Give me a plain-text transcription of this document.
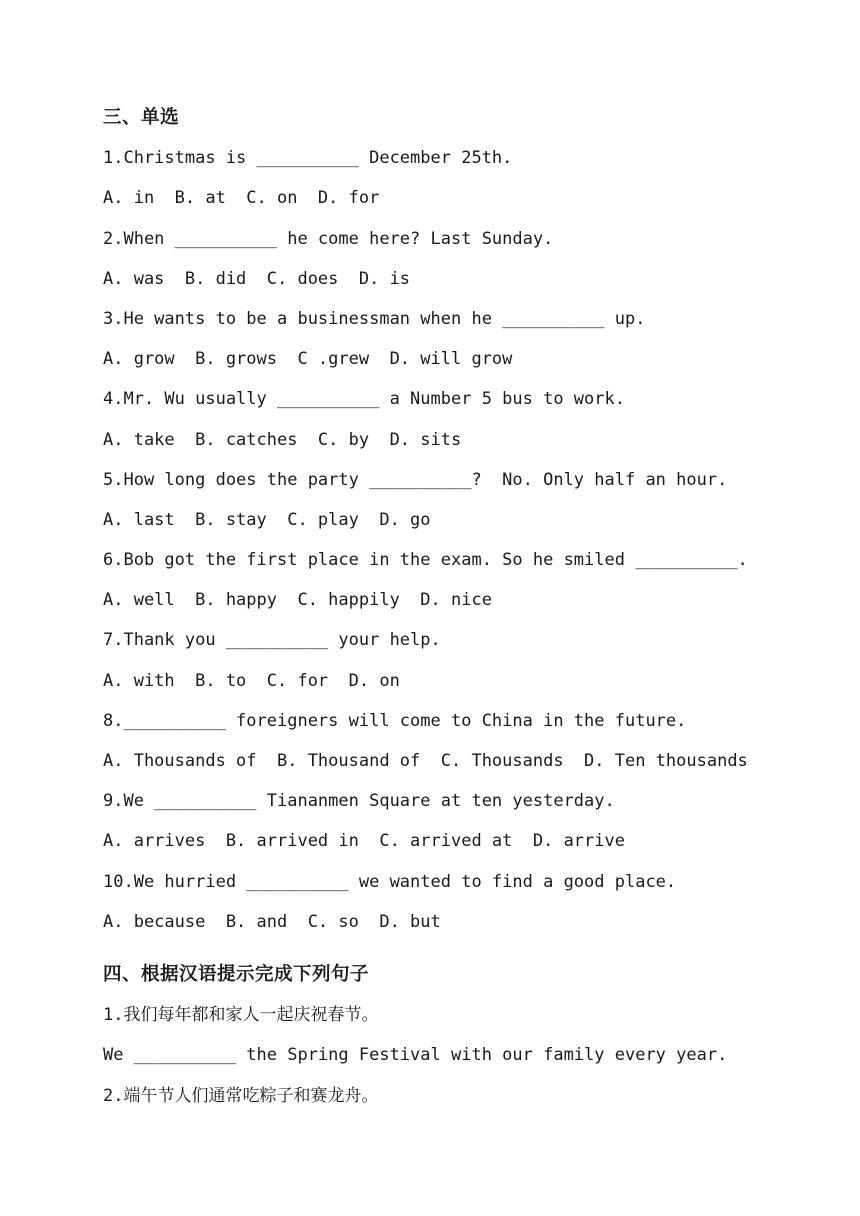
三、单选
1.Christmas is __________ December 25th.
A. in  B. at  C. on  D. for
2.When __________ he come here? Last Sunday.
A. was  B. did  C. does  D. is
3.He wants to be a businessman when he __________ up.
A. grow  B. grows  C .grew  D. will grow
4.Mr. Wu usually __________ a Number 5 bus to work.
A. take  B. catches  C. by  D. sits
5.How long does the party __________?  No. Only half an hour.
A. last  B. stay  C. play  D. go
6.Bob got the first place in the exam. So he smiled __________.
A. well  B. happy  C. happily  D. nice
7.Thank you __________ your help.
A. with  B. to  C. for  D. on
8.__________ foreigners will come to China in the future.
A. Thousands of  B. Thousand of  C. Thousands  D. Ten thousands
9.We __________ Tiananmen Square at ten yesterday.
A. arrives  B. arrived in  C. arrived at  D. arrive
10.We hurried __________ we wanted to find a good place.
A. because  B. and  C. so  D. but
四、根据汉语提示完成下列句子
1.我们每年都和家人一起庆祝春节。
We __________ the Spring Festival with our family every year.
2.端午节人们通常吃粽子和赛龙舟。
